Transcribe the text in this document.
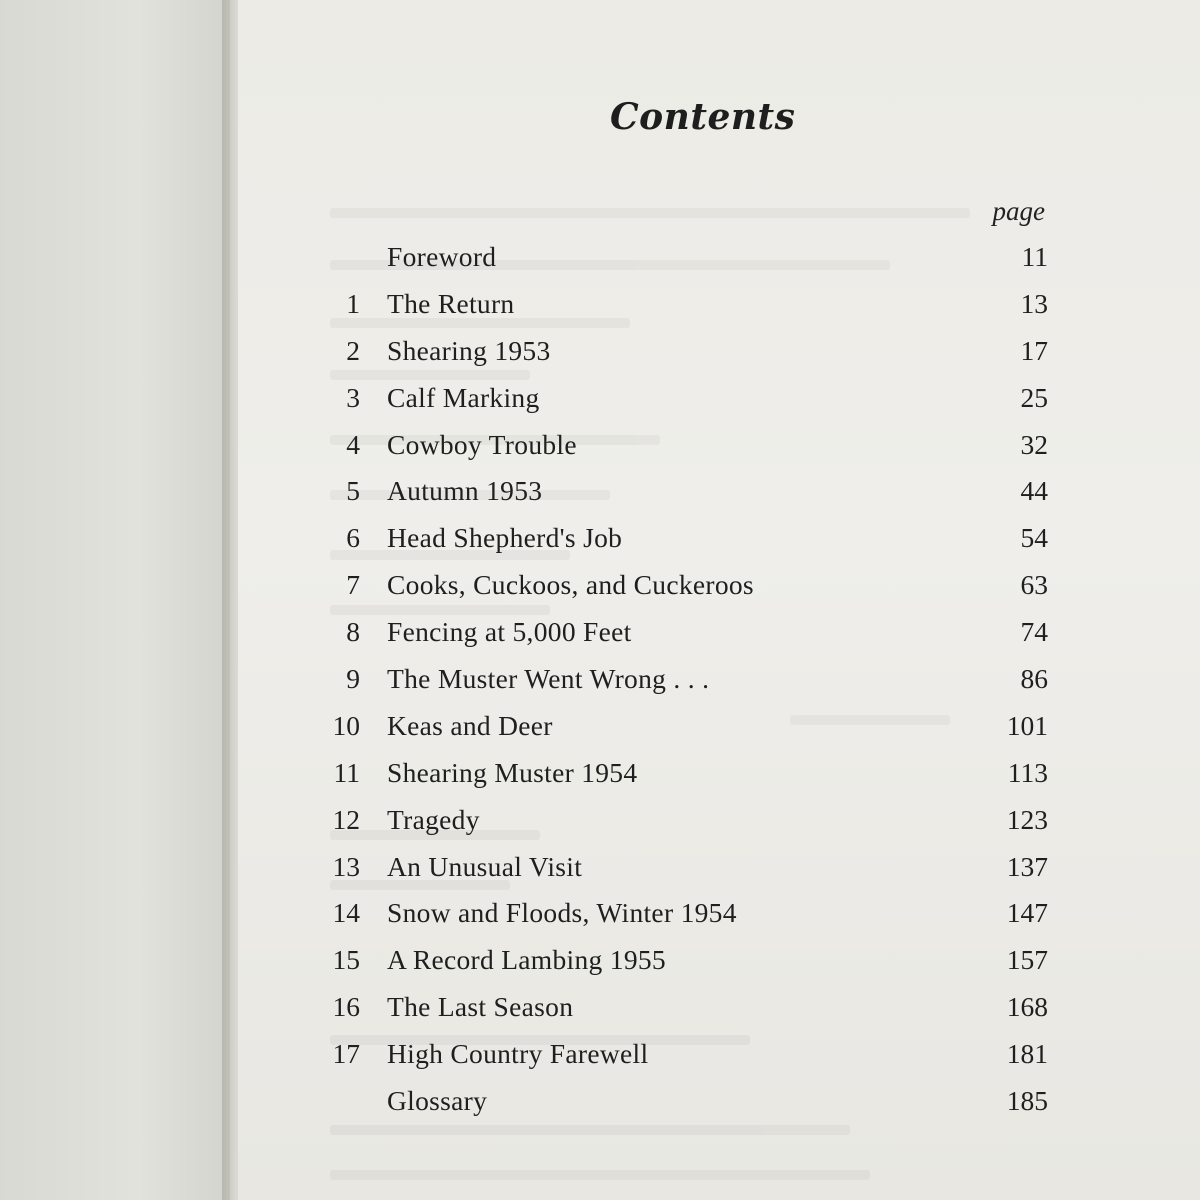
Contents
page
Foreword	11
1 The Return	13
2 Shearing 1953	17
3 Calf Marking	25
4 Cowboy Trouble	32
5 Autumn 1953	44
6 Head Shepherd's Job	54
7 Cooks, Cuckoos, and Cuckeroos	63
8 Fencing at 5,000 Feet	74
9 The Muster Went Wrong . . .	86
10 Keas and Deer	101
11 Shearing Muster 1954	113
12 Tragedy	123
13 An Unusual Visit	137
14 Snow and Floods, Winter 1954	147
15 A Record Lambing 1955	157
16 The Last Season	168
17 High Country Farewell	181
Glossary	185
